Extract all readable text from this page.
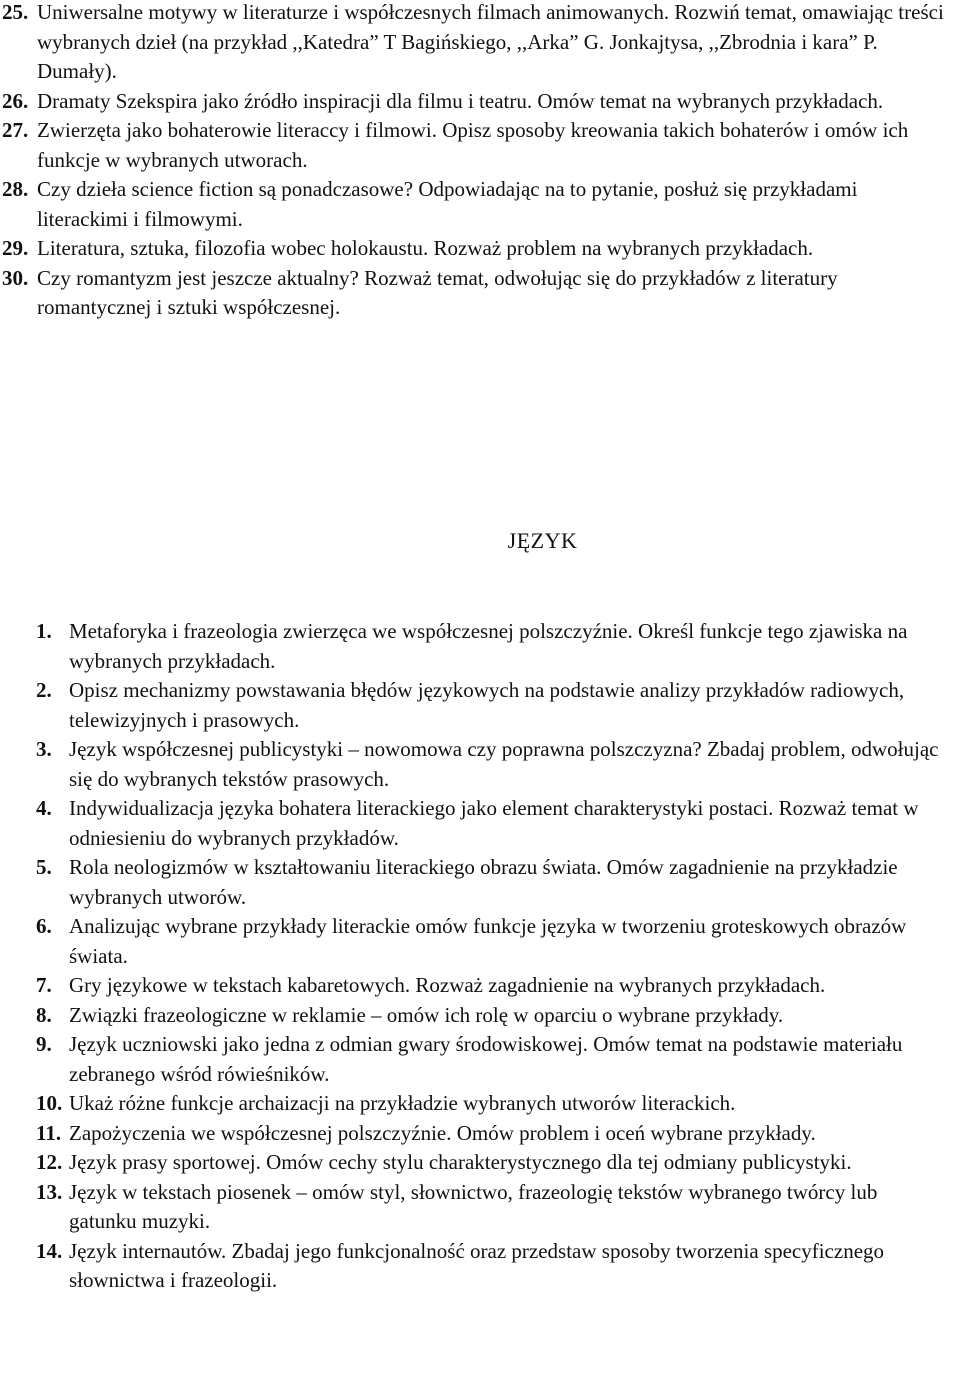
25. Uniwersalne motywy w literaturze i współczesnych filmach animowanych. Rozwiń temat, omawiając treści wybranych dzieł (na przykład ,,Katedra” T Bagińskiego, ,,Arka” G. Jonkajtysa, ,,Zbrodnia i kara” P. Dumały).
26. Dramaty Szekspira jako źródło inspiracji dla filmu i teatru. Omów temat na wybranych przykładach.
27. Zwierzęta jako bohaterowie literaccy i filmowi. Opisz sposoby kreowania takich bohaterów i omów ich funkcje w wybranych utworach.
28. Czy dzieła science fiction są ponadczasowe? Odpowiadając na to pytanie, posłuż się przykładami literackimi i filmowymi.
29. Literatura, sztuka, filozofia wobec holokaustu. Rozważ problem na wybranych przykładach.
30. Czy romantyzm jest jeszcze aktualny? Rozważ temat, odwołując się do przykładów z literatury romantycznej i sztuki współczesnej.
JĘZYK
1. Metaforyka i frazeologia zwierzęca we współczesnej polszczyźnie. Określ funkcje tego zjawiska na wybranych przykładach.
2. Opisz mechanizmy powstawania błędów językowych na podstawie analizy przykładów radiowych, telewizyjnych i prasowych.
3. Język współczesnej publicystyki – nowomowa czy poprawna polszczyzna? Zbadaj problem, odwołując się do wybranych tekstów prasowych.
4. Indywidualizacja języka bohatera literackiego jako element charakterystyki postaci. Rozważ temat w odniesieniu do wybranych przykładów.
5. Rola neologizmów w kształtowaniu literackiego obrazu świata. Omów zagadnienie na przykładzie wybranych utworów.
6. Analizując wybrane przykłady literackie omów funkcje języka w tworzeniu groteskowych obrazów świata.
7. Gry językowe w tekstach kabaretowych. Rozważ zagadnienie na wybranych przykładach.
8. Związki frazeologiczne w reklamie – omów ich rolę w oparciu o wybrane przykłady.
9. Język uczniowski jako jedna z odmian gwary środowiskowej. Omów temat na podstawie materiału zebranego wśród rówieśników.
10. Ukaż różne funkcje archaizacji na przykładzie wybranych utworów literackich.
11. Zapożyczenia we współczesnej polszczyźnie. Omów problem i oceń wybrane przykłady.
12. Język prasy sportowej. Omów cechy stylu charakterystycznego dla tej odmiany publicystyki.
13. Język w tekstach piosenek – omów styl, słownictwo, frazeologię tekstów wybranego twórcy lub gatunku muzyki.
14. Język internautów. Zbadaj jego funkcjonalność oraz przedstaw sposoby tworzenia specyficznego słownictwa i frazeologii.
